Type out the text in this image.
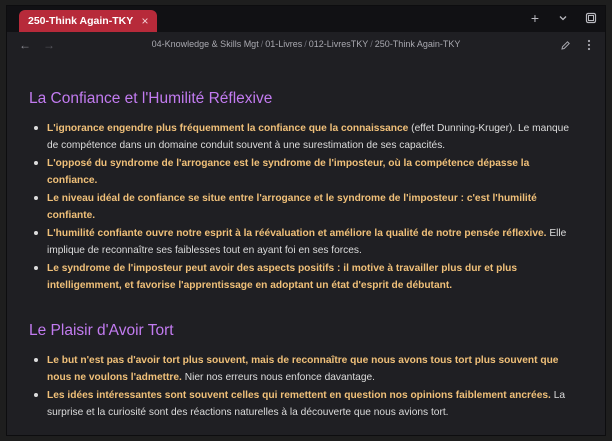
250-Think Again-TKY ×	+
← →	04-Knowledge & Skills Mgt / 01-Livres / 012-LivresTKY / 250-Think Again-TKY
La Confiance et l'Humilité Réflexive
L'ignorance engendre plus fréquemment la confiance que la connaissance (effet Dunning-Kruger). Le manque de compétence dans un domaine conduit souvent à une surestimation de ses capacités.
L'opposé du syndrome de l'arrogance est le syndrome de l'imposteur, où la compétence dépasse la confiance.
Le niveau idéal de confiance se situe entre l'arrogance et le syndrome de l'imposteur : c'est l'humilité confiante.
L'humilité confiante ouvre notre esprit à la réévaluation et améliore la qualité de notre pensée réflexive. Elle implique de reconnaître ses faiblesses tout en ayant foi en ses forces.
Le syndrome de l'imposteur peut avoir des aspects positifs : il motive à travailler plus dur et plus intelligemment, et favorise l'apprentissage en adoptant un état d'esprit de débutant.
Le Plaisir d'Avoir Tort
Le but n'est pas d'avoir tort plus souvent, mais de reconnaître que nous avons tous tort plus souvent que nous ne voulons l'admettre. Nier nos erreurs nous enfonce davantage.
Les idées intéressantes sont souvent celles qui remettent en question nos opinions faiblement ancrées. La surprise et la curiosité sont des réactions naturelles à la découverte que nous avions tort.
